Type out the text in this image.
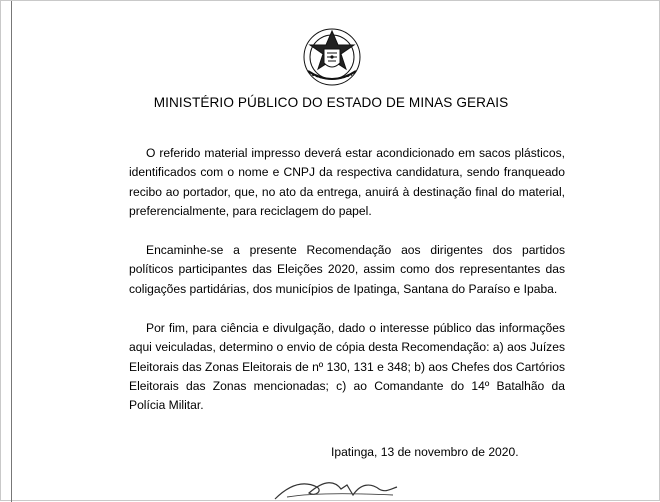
MINISTÉRIO PÚBLICO DO ESTADO DE MINAS GERAIS

O referido material impresso deverá estar acondicionado em sacos plásticos, identificados com o nome e CNPJ da respectiva candidatura, sendo franqueado recibo ao portador, que, no ato da entrega, anuirá à destinação final do material, preferencialmente, para reciclagem do papel.

Encaminhe-se a presente Recomendação aos dirigentes dos partidos políticos participantes das Eleições 2020, assim como dos representantes das coligações partidárias, dos municípios de Ipatinga, Santana do Paraíso e Ipaba.

Por fim, para ciência e divulgação, dado o interesse público das informações aqui veiculadas, determino o envio de cópia desta Recomendação: a) aos Juízes Eleitorais das Zonas Eleitorais de nº 130, 131 e 348; b) aos Chefes dos Cartórios Eleitorais das Zonas mencionadas; c) ao Comandante do 14º Batalhão da Polícia Militar.

Ipatinga, 13 de novembro de 2020.
